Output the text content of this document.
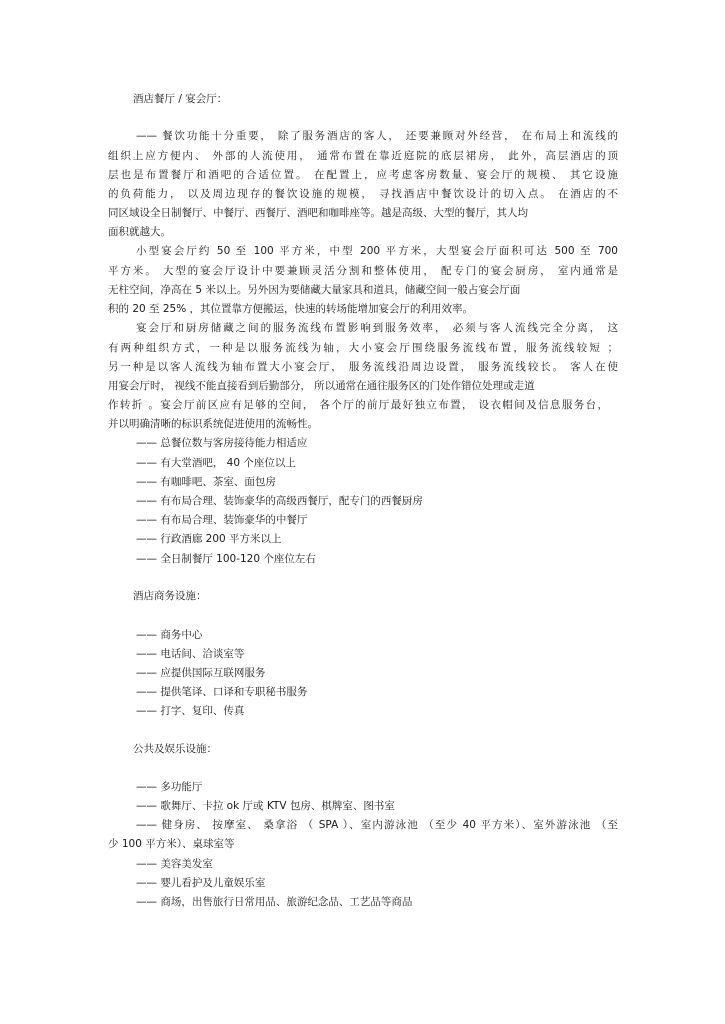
酒店餐厅 / 宴会厅：
—— 餐饮功能十分重要， 除了服务酒店的客人， 还要兼顾对外经营， 在布局上和流线的
组织上应方便内、 外部的人流使用， 通常布置在靠近庭院的底层裙房， 此外，高层酒店的顶
层也是布置餐厅和酒吧的合适位置。 在配置上，应考虑客房数量、宴会厅的规模、 其它设施
的负荷能力， 以及周边现存的餐饮设施的规模， 寻找酒店中餐饮设计的切入点。 在酒店的不
同区域设全日制餐厅、中餐厅、西餐厅、酒吧和咖啡座等。越是高级、大型的餐厅，其人均
面积就越大。
小型宴会厅约 50 至 100 平方米，中型 200 平方米，大型宴会厅面积可达 500 至 700
平方米。 大型的宴会厅设计中要兼顾灵活分割和整体使用， 配专门的宴会厨房， 室内通常是
无柱空间，净高在 5 米以上。另外因为要储藏大量家具和道具，储藏空间一般占宴会厅面
积的 20 至 25% ，其位置靠方便搬运，快速的转场能增加宴会厅的利用效率。
宴会厅和厨房储藏之间的服务流线布置影响到服务效率， 必须与客人流线完全分离， 这
有两种组织方式，一种是以服务流线为轴，大小宴会厅围绕服务流线布置，服务流线较短 ；
另一种是以客人流线为轴布置大小宴会厅， 服务流线沿周边设置， 服务流线较长。 客人在使
用宴会厅时， 视线不能直接看到后勤部分， 所以通常在通往服务区的门处作错位处理或走道
作转折 。宴会厅前区应有足够的空间， 各个厅的前厅最好独立布置， 设衣帽间及信息服务台，
并以明确清晰的标识系统促进使用的流畅性。
—— 总餐位数与客房接待能力相适应
—— 有大堂酒吧， 40 个座位以上
—— 有咖啡吧、茶室、面包房
—— 有布局合理、装饰豪华的高级西餐厅，配专门的西餐厨房
—— 有布局合理、装饰豪华的中餐厅
—— 行政酒廊 200 平方米以上
—— 全日制餐厅 100-120 个座位左右
酒店商务设施：
—— 商务中心
—— 电话间、洽谈室等
—— 应提供国际互联网服务
—— 提供笔译、口译和专职秘书服务
—— 打字、复印、传真
公共及娱乐设施：
—— 多功能厅
—— 歌舞厅、卡拉 ok 厅或 KTV 包房、棋牌室、图书室
—— 健身房、 按摩室、 桑拿浴 （ SPA ）、室内游泳池 （至少 40 平方米）、室外游泳池 （至
少 100 平方米）、桌球室等
—— 美容美发室
—— 婴儿看护及儿童娱乐室
—— 商场，出售旅行日常用品、旅游纪念品、工艺品等商品
